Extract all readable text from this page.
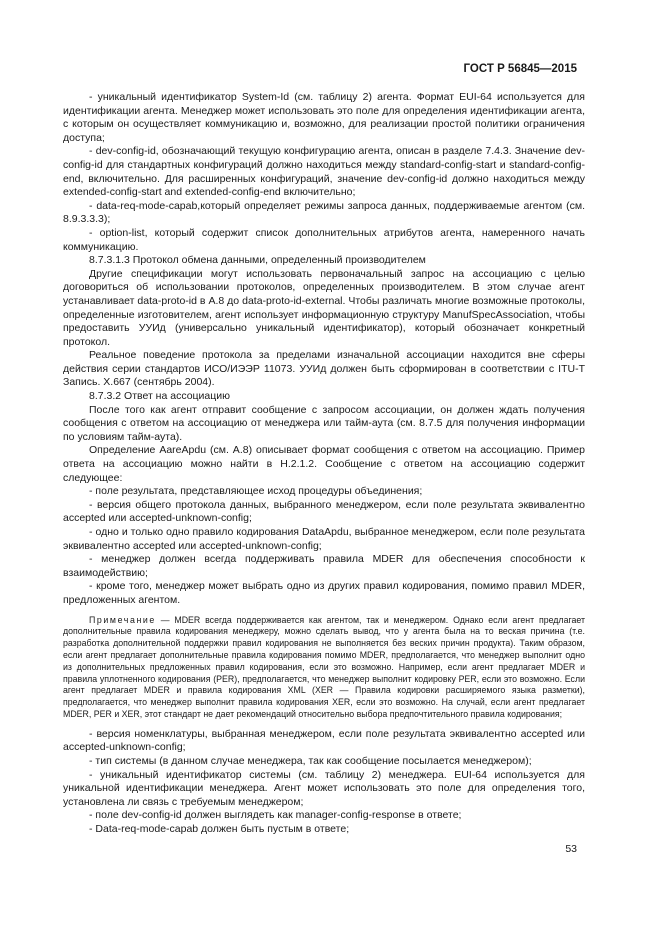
ГОСТ Р 56845—2015

- уникальный идентификатор System-Id (см. таблицу 2) агента. Формат EUI-64 используется для идентификации агента. Менеджер может использовать это поле для определения идентификации агента, с которым он осуществляет коммуникацию и, возможно, для реализации простой политики ограничения доступа;

- dev-config-id, обозначающий текущую конфигурацию агента, описан в разделе 7.4.3. Значение dev-config-id для стандартных конфигураций должно находиться между standard-config-start и standard-config-end, включительно. Для расширенных конфигураций, значение dev-config-id должно находиться между extended-config-start and extended-config-end включительно;

- data-req-mode-capab,который определяет режимы запроса данных, поддерживаемые агентом (см. 8.9.3.3.3);

- option-list, который содержит список дополнительных атрибутов агента, намеренного начать коммуникацию.

8.7.3.1.3 Протокол обмена данными, определенный производителем

Другие спецификации могут использовать первоначальный запрос на ассоциацию с целью договориться об использовании протоколов, определенных производителем. В этом случае агент устанавливает data-proto-id в А.8 до data-proto-id-external. Чтобы различать многие возможные протоколы, определенные изготовителем, агент использует информационную структуру ManufSpecAssociation, чтобы предоставить УУИд (универсально уникальный идентификатор), который обозначает конкретный протокол.

Реальное поведение протокола за пределами изначальной ассоциации находится вне сферы действия серии стандартов ИСО/ИЭЭР 11073. УУИд должен быть сформирован в соответствии с ITU-T Запись. X.667 (сентябрь 2004).

8.7.3.2 Ответ на ассоциацию

После того как агент отправит сообщение с запросом ассоциации, он должен ждать получения сообщения с ответом на ассоциацию от менеджера или тайм-аута (см. 8.7.5 для получения информации по условиям тайм-аута).

Определение AareApdu (см. А.8) описывает формат сообщения с ответом на ассоциацию. Пример ответа на ассоциацию можно найти в Н.2.1.2. Сообщение с ответом на ассоциацию содержит следующее:

- поле результата, представляющее исход процедуры объединения;

- версия общего протокола данных, выбранного менеджером, если поле результата эквивалентно accepted или accepted-unknown-config;

- одно и только одно правило кодирования DataApdu, выбранное менеджером, если поле результата эквивалентно accepted или accepted-unknown-config;

- менеджер должен всегда поддерживать правила MDER для обеспечения способности к взаимодействию;

- кроме того, менеджер может выбрать одно из других правил кодирования, помимо правил MDER, предложенных агентом.

Примечание — MDER всегда поддерживается как агентом, так и менеджером. Однако если агент предлагает дополнительные правила кодирования менеджеру, можно сделать вывод, что у агента была на то веская причина (т.е. разработка дополнительной поддержки правил кодирования не выполняется без веских причин продукта). Таким образом, если агент предлагает дополнительные правила кодирования помимо MDER, предполагается, что менеджер выполнит одно из дополнительных предложенных правил кодирования, если это возможно. Например, если агент предлагает MDER и правила уплотненного кодирования (PER), предполагается, что менеджер выполнит кодировку PER, если это возможно. Если агент предлагает MDER и правила кодирования XML (XER — Правила кодировки расширяемого языка разметки), предполагается, что менеджер выполнит правила кодирования XER, если это возможно. На случай, если агент предлагает MDER, PER и XER, этот стандарт не дает рекомендаций относительно выбора предпочтительного правила кодирования;

- версия номенклатуры, выбранная менеджером, если поле результата эквивалентно accepted или accepted-unknown-config;

- тип системы (в данном случае менеджера, так как сообщение посылается менеджером);

- уникальный идентификатор системы (см. таблицу 2) менеджера. EUI-64 используется для уникальной идентификации менеджера. Агент может использовать это поле для определения того, установлена ли связь с требуемым менеджером;

- поле dev-config-id должен выглядеть как manager-config-response в ответе;

- Data-req-mode-capab должен быть пустым в ответе;

53
